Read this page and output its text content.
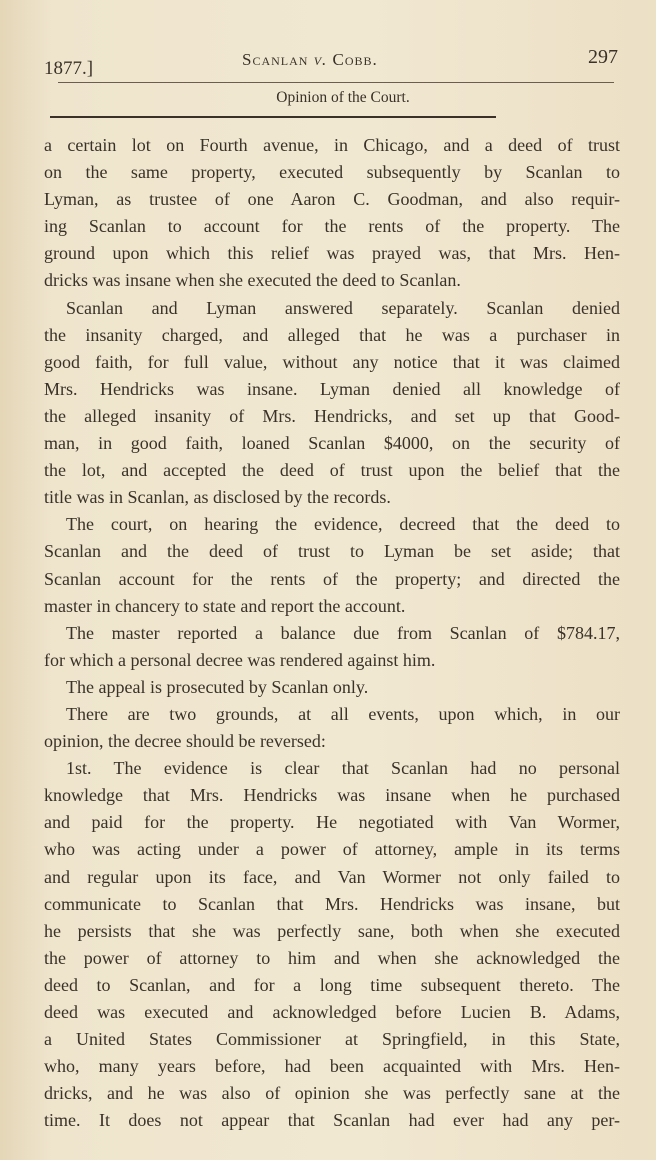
1877.]	Scanlan v. Cobb.	297
Opinion of the Court.
a certain lot on Fourth avenue, in Chicago, and a deed of trust
on the same property, executed subsequently by Scanlan to
Lyman, as trustee of one Aaron C. Goodman, and also requir-
ing Scanlan to account for the rents of the property. The
ground upon which this relief was prayed was, that Mrs. Hen-
dricks was insane when she executed the deed to Scanlan.
Scanlan and Lyman answered separately. Scanlan denied
the insanity charged, and alleged that he was a purchaser in
good faith, for full value, without any notice that it was claimed
Mrs. Hendricks was insane. Lyman denied all knowledge of
the alleged insanity of Mrs. Hendricks, and set up that Good-
man, in good faith, loaned Scanlan $4000, on the security of
the lot, and accepted the deed of trust upon the belief that the
title was in Scanlan, as disclosed by the records.
The court, on hearing the evidence, decreed that the deed to
Scanlan and the deed of trust to Lyman be set aside; that
Scanlan account for the rents of the property; and directed the
master in chancery to state and report the account.
The master reported a balance due from Scanlan of $784.17,
for which a personal decree was rendered against him.
The appeal is prosecuted by Scanlan only.
There are two grounds, at all events, upon which, in our
opinion, the decree should be reversed:
1st. The evidence is clear that Scanlan had no personal
knowledge that Mrs. Hendricks was insane when he purchased
and paid for the property. He negotiated with Van Wormer,
who was acting under a power of attorney, ample in its terms
and regular upon its face, and Van Wormer not only failed to
communicate to Scanlan that Mrs. Hendricks was insane, but
he persists that she was perfectly sane, both when she executed
the power of attorney to him and when she acknowledged the
deed to Scanlan, and for a long time subsequent thereto. The
deed was executed and acknowledged before Lucien B. Adams,
a United States Commissioner at Springfield, in this State,
who, many years before, had been acquainted with Mrs. Hen-
dricks, and he was also of opinion she was perfectly sane at the
time. It does not appear that Scanlan had ever had any per-
